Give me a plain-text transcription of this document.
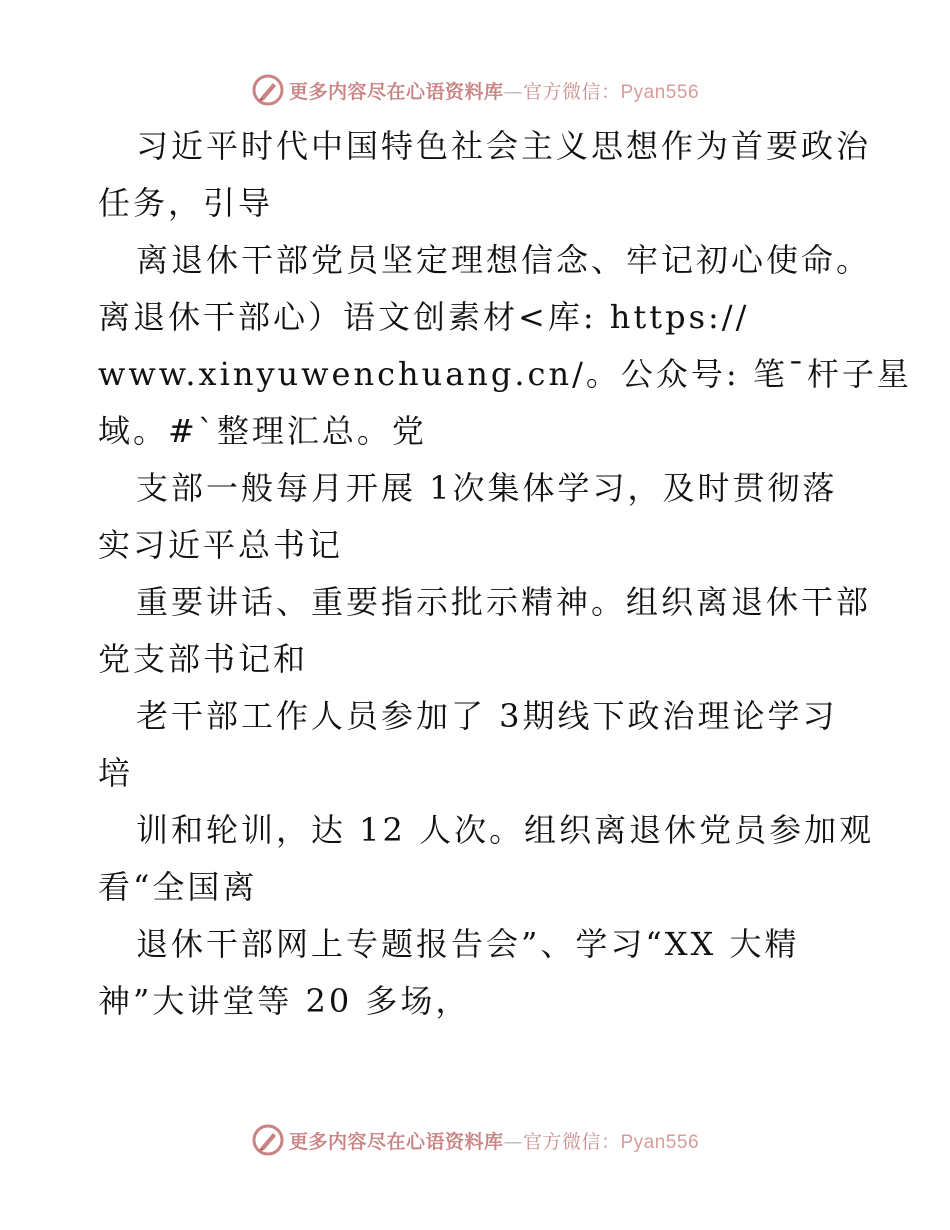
更多内容尽在心语资料库—官方微信：Pyan556
习近平时代中国特色社会主义思想作为首要政治
任务，引导
离退休干部党员坚定理想信念、牢记初心使命。
离退休干部心）语文创素材<库: https://
www.xinyuwenchuang.cn/。公众号: 笔¯杆子星
域。#`整理汇总。党
支部一般每月开展 1次集体学习，及时贯彻落
实习近平总书记
重要讲话、重要指示批示精神。组织离退休干部
党支部书记和
老干部工作人员参加了 3期线下政治理论学习
培
训和轮训，达 12 人次。组织离退休党员参加观
看“全国离
退休干部网上专题报告会”、学习“XX 大精
神”大讲堂等 20 多场，
更多内容尽在心语资料库—官方微信：Pyan556
